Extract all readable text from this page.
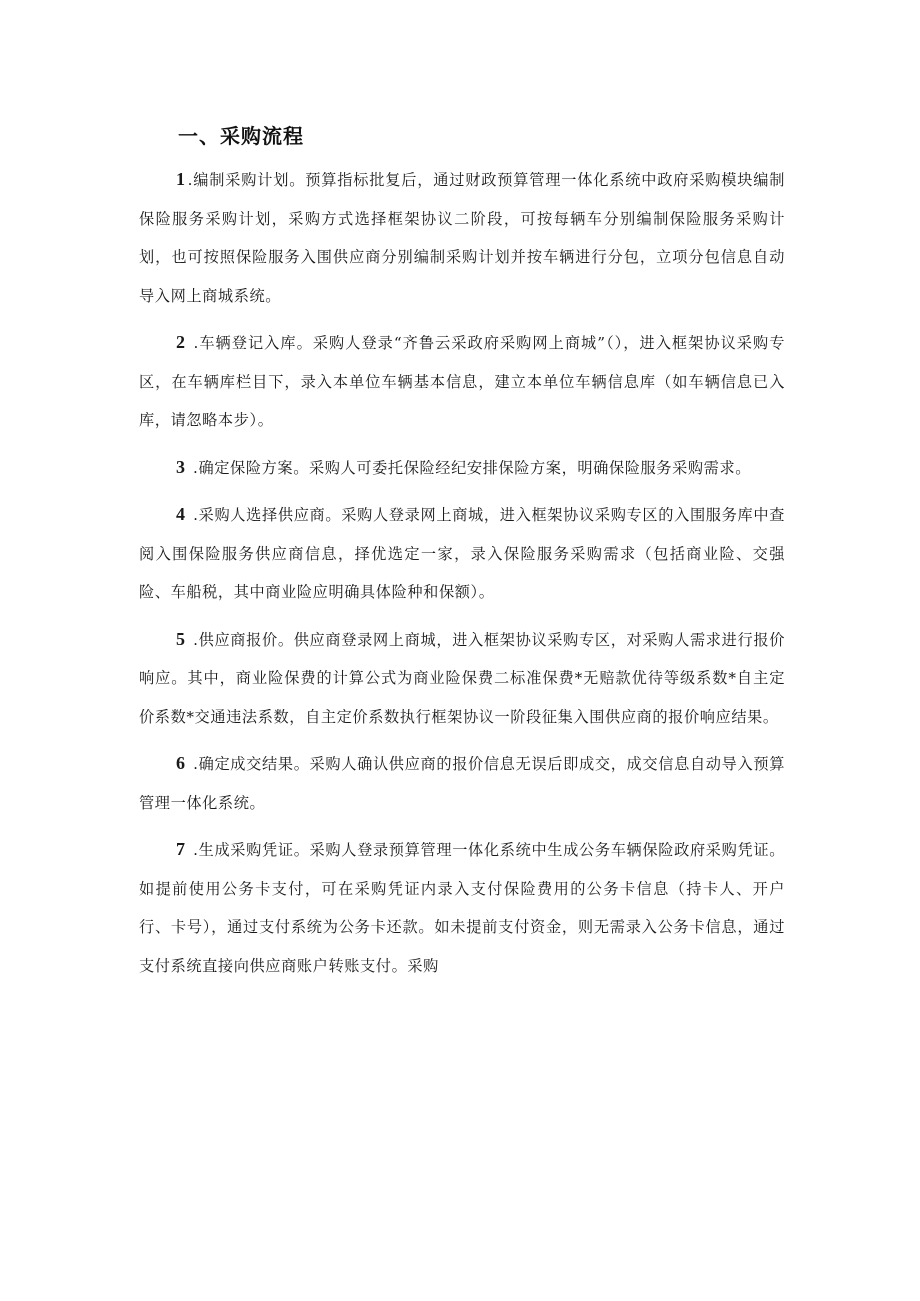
一、采购流程

1 .编制采购计划。预算指标批复后，通过财政预算管理一体化系统中政府采购模块编制保险服务采购计划，采购方式选择框架协议二阶段，可按每辆车分别编制保险服务采购计划，也可按照保险服务入围供应商分别编制采购计划并按车辆进行分包，立项分包信息自动导入网上商城系统。

2 .车辆登记入库。采购人登录“齐鲁云采政府采购网上商城”（），进入框架协议采购专区，在车辆库栏目下，录入本单位车辆基本信息，建立本单位车辆信息库（如车辆信息已入库，请忽略本步）。

3 .确定保险方案。采购人可委托保险经纪安排保险方案，明确保险服务采购需求。

4 .采购人选择供应商。采购人登录网上商城，进入框架协议采购专区的入围服务库中查阅入围保险服务供应商信息，择优选定一家，录入保险服务采购需求（包括商业险、交强险、车船税，其中商业险应明确具体险种和保额）。

5 .供应商报价。供应商登录网上商城，进入框架协议采购专区，对采购人需求进行报价响应。其中，商业险保费的计算公式为商业险保费二标准保费*无赔款优待等级系数*自主定价系数*交通违法系数，自主定价系数执行框架协议一阶段征集入围供应商的报价响应结果。

6 .确定成交结果。采购人确认供应商的报价信息无误后即成交，成交信息自动导入预算管理一体化系统。

7 .生成采购凭证。采购人登录预算管理一体化系统中生成公务车辆保险政府采购凭证。如提前使用公务卡支付，可在采购凭证内录入支付保险费用的公务卡信息（持卡人、开户行、卡号），通过支付系统为公务卡还款。如未提前支付资金，则无需录入公务卡信息，通过支付系统直接向供应商账户转账支付。采购
